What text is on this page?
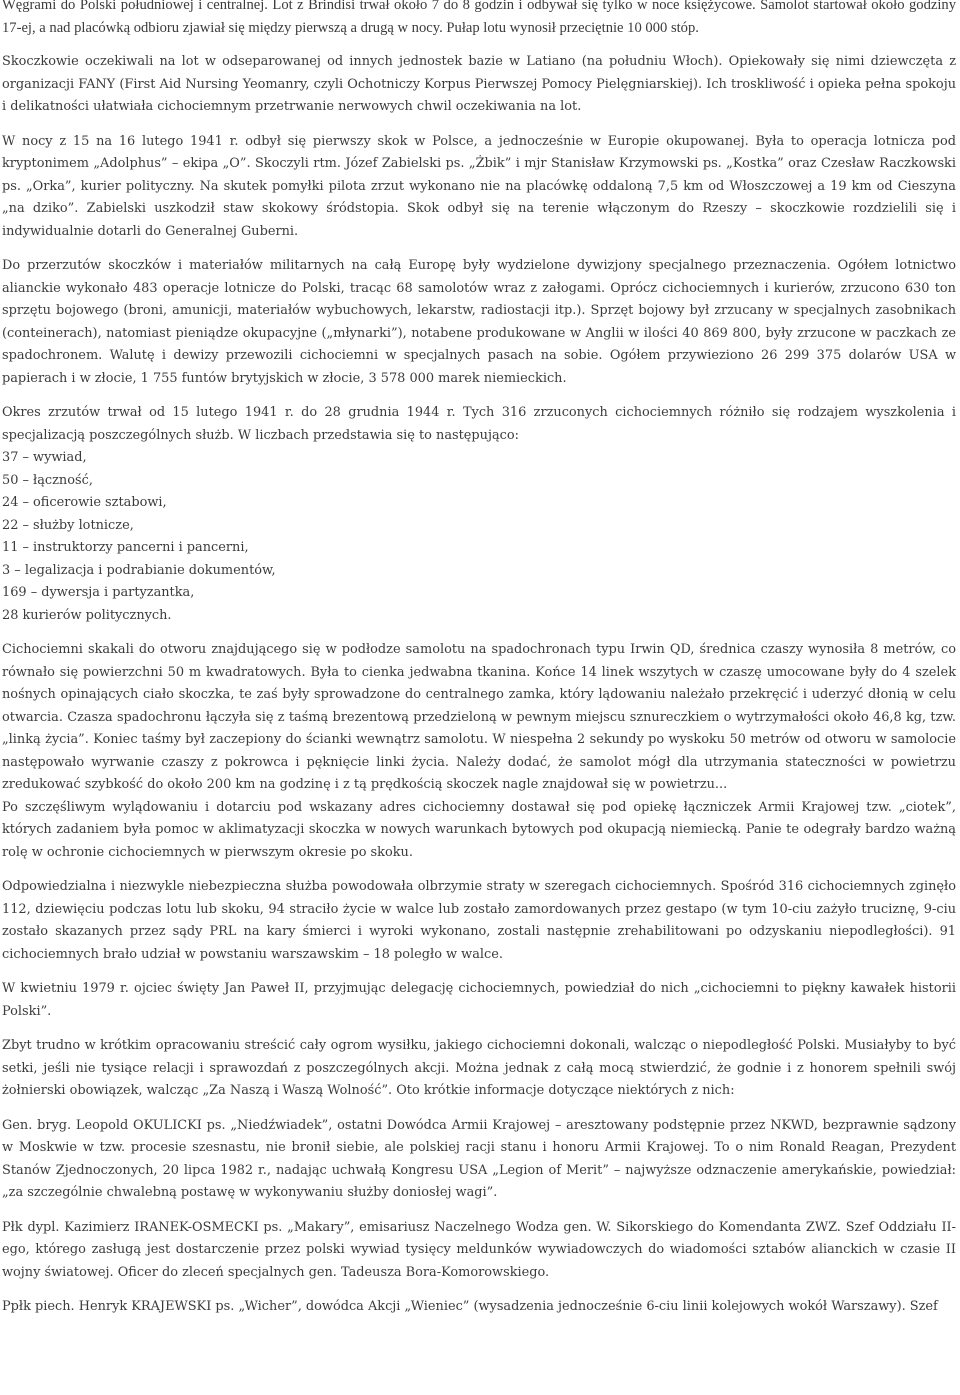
Węgrami do Polski południowej i centralnej. Lot z Brindisi trwał około 7 do 8 godzin i odbywał się tylko w noce księżycowe. Samolot startował około godziny 17-ej, a nad placówką odbioru zjawiał się między pierwszą a drugą w nocy. Pułap lotu wynosił przeciętnie 10 000 stóp.

Skoczkowie oczekiwali na lot w odseparowanej od innych jednostek bazie w Latiano (na południu Włoch). Opiekowały się nimi dziewczęta z organizacji FANY (First Aid Nursing Yeomanry, czyli Ochotniczy Korpus Pierwszej Pomocy Pielęgniarskiej). Ich troskliwość i opieka pełna spokoju i delikatności ułatwiała cichociemnym przetrwanie nerwowych chwil oczekiwania na lot.

W nocy z 15 na 16 lutego 1941 r. odbył się pierwszy skok w Polsce, a jednocześnie w Europie okupowanej. Była to operacja lotnicza pod kryptonimem „Adolphus” – ekipa „O”. Skoczyli rtm. Józef Zabielski ps. „Żbik” i mjr Stanisław Krzymowski ps. „Kostka” oraz Czesław Raczkowski ps. „Orka”, kurier polityczny. Na skutek pomyłki pilota zrzut wykonano nie na placówkę oddaloną 7,5 km od Włoszczowej a 19 km od Cieszyna „na dziko”. Zabielski uszkodził staw skokowy śródstopia. Skok odbył się na terenie włączonym do Rzeszy – skoczkowie rozdzielili się i indywidualnie dotarli do Generalnej Guberni.

Do przerzutów skoczków i materiałów militarnych na całą Europę były wydzielone dywizjony specjalnego przeznaczenia. Ogółem lotnictwo alianckie wykonało 483 operacje lotnicze do Polski, tracąc 68 samolotów wraz z załogami. Oprócz cichociemnych i kurierów, zrzucono 630 ton sprzętu bojowego (broni, amunicji, materiałów wybuchowych, lekarstw, radiostacji itp.). Sprzęt bojowy był zrzucany w specjalnych zasobnikach (conteinerach), natomiast pieniądze okupacyjne („młynarki”), notabene produkowane w Anglii w ilości 40 869 800, były zrzucone w paczkach ze spadochronem. Walutę i dewizy przewozili cichociemni w specjalnych pasach na sobie. Ogółem przywieziono 26 299 375 dolarów USA w papierach i w złocie, 1 755 funtów brytyjskich w złocie, 3 578 000 marek niemieckich.

Okres zrzutów trwał od 15 lutego 1941 r. do 28 grudnia 1944 r. Tych 316 zrzuconych cichociemnych różniło się rodzajem wyszkolenia i specjalizacją poszczególnych służb. W liczbach przedstawia się to następująco:

37 – wywiad,

50 – łączność,

24 – oficerowie sztabowi,

22 – służby lotnicze,

11 – instruktorzy pancerni i pancerni,

3 – legalizacja i podrabianie dokumentów,

169 – dywersja i partyzantka,

28 kurierów politycznych.

Cichociemni skakali do otworu znajdującego się w podłodze samolotu na spadochronach typu Irwin QD, średnica czaszy wynosiła 8 metrów, co równało się powierzchni 50 m kwadratowych. Była to cienka jedwabna tkanina. Końce 14 linek wszytych w czaszę umocowane były do 4 szelek nośnych opinających ciało skoczka, te zaś były sprowadzone do centralnego zamka, który lądowaniu należało przekręcić i uderzyć dłonią w celu otwarcia. Czasza spadochronu łączyła się z taśmą brezentową przedzieloną w pewnym miejscu sznureczkiem o wytrzymałości około 46,8 kg, tzw. „linką życia”. Koniec taśmy był zaczepiony do ścianki wewnątrz samolotu. W niespełna 2 sekundy po wyskoku 50 metrów od otworu w samolocie następowało wyrwanie czaszy z pokrowca i pęknięcie linki życia. Należy dodać, że samolot mógł dla utrzymania stateczności w powietrzu zredukować szybkość do około 200 km na godzinę i z tą prędkością skoczek nagle znajdował się w powietrzu...

Po szczęśliwym wylądowaniu i dotarciu pod wskazany adres cichociemny dostawał się pod opiekę łączniczek Armii Krajowej tzw. „ciotek”, których zadaniem była pomoc w aklimatyzacji skoczka w nowych warunkach bytowych pod okupacją niemiecką. Panie te odegrały bardzo ważną rolę w ochronie cichociemnych w pierwszym okresie po skoku.

Odpowiedzialna i niezwykle niebezpieczna służba powodowała olbrzymie straty w szeregach cichociemnych. Spośród 316 cichociemnych zginęło 112, dziewięciu podczas lotu lub skoku, 94 straciło życie w walce lub zostało zamordowanych przez gestapo (w tym 10-ciu zażyło truciznę, 9-ciu zostało skazanych przez sądy PRL na kary śmierci i wyroki wykonano, zostali następnie zrehabilitowani po odzyskaniu niepodległości). 91 cichociemnych brało udział w powstaniu warszawskim – 18 poległo w walce.

W kwietniu 1979 r. ojciec święty Jan Paweł II, przyjmując delegację cichociemnych, powiedział do nich „cichociemni to piękny kawałek historii Polski”.

Zbyt trudno w krótkim opracowaniu streścić cały ogrom wysiłku, jakiego cichociemni dokonali, walcząc o niepodległość Polski. Musiałyby to być setki, jeśli nie tysiące relacji i sprawozdań z poszczególnych akcji. Można jednak z całą mocą stwierdzić, że godnie i z honorem spełnili swój żołnierski obowiązek, walcząc „Za Naszą i Waszą Wolność”. Oto krótkie informacje dotyczące niektórych z nich:

Gen. bryg. Leopold OKULICKI ps. „Niedźwiadek”, ostatni Dowódca Armii Krajowej – aresztowany podstępnie przez NKWD, bezprawnie sądzony w Moskwie w tzw. procesie szesnastu, nie bronił siebie, ale polskiej racji stanu i honoru Armii Krajowej. To o nim Ronald Reagan, Prezydent Stanów Zjednoczonych, 20 lipca 1982 r., nadając uchwałą Kongresu USA „Legion of Merit” – najwyższe odznaczenie amerykańskie, powiedział: „za szczególnie chwalebną postawę w wykonywaniu służby doniosłej wagi”.

Płk dypl. Kazimierz IRANEK-OSMECKI ps. „Makary”, emisariusz Naczelnego Wodza gen. W. Sikorskiego do Komendanta ZWZ. Szef Oddziału II-ego, którego zasługą jest dostarczenie przez polski wywiad tysięcy meldunków wywiadowczych do wiadomości sztabów alianckich w czasie II wojny światowej. Oficer do zleceń specjalnych gen. Tadeusza Bora-Komorowskiego.

Ppłk piech. Henryk KRAJEWSKI ps. „Wicher”, dowódca Akcji „Wieniec” (wysadzenia jednocześnie 6-ciu linii kolejowych wokół Warszawy). Szef
